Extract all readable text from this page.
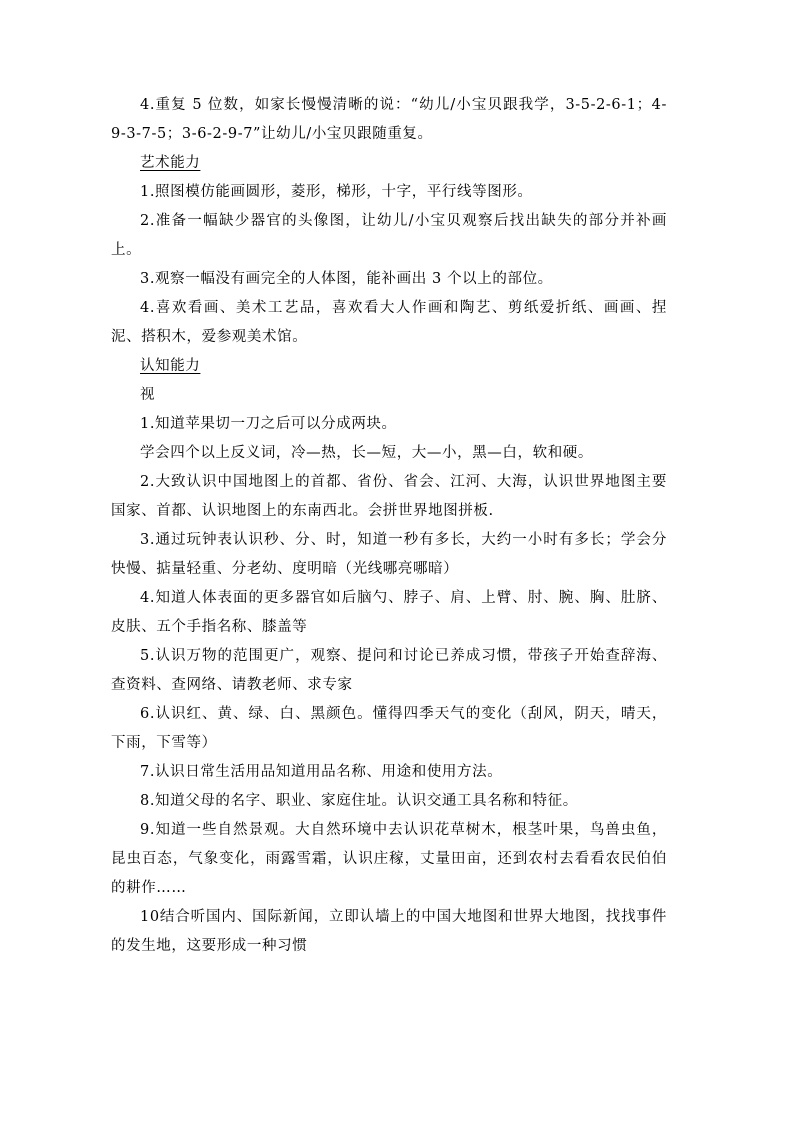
4.重复 5 位数，如家长慢慢清晰的说：“幼儿/小宝贝跟我学，3-5-2-6-1；4-9-3-7-5；3-6-2-9-7”让幼儿/小宝贝跟随重复。

艺术能力

1.照图模仿能画圆形，菱形，梯形，十字，平行线等图形。

2.准备一幅缺少器官的头像图，让幼儿/小宝贝观察后找出缺失的部分并补画上。

3.观察一幅没有画完全的人体图，能补画出 3 个以上的部位。

4.喜欢看画、美术工艺品，喜欢看大人作画和陶艺、剪纸爱折纸、画画、捏泥、搭积木，爱参观美术馆。

认知能力

视

1.知道苹果切一刀之后可以分成两块。

学会四个以上反义词，冷—热，长—短，大—小，黑—白，软和硬。

2.大致认识中国地图上的首都、省份、省会、江河、大海，认识世界地图主要国家、首都、认识地图上的东南西北。会拼世界地图拼板.

3.通过玩钟表认识秒、分、时，知道一秒有多长，大约一小时有多长；学会分快慢、掂量轻重、分老幼、度明暗（光线哪亮哪暗）

4.知道人体表面的更多器官如后脑勺、脖子、肩、上臂、肘、腕、胸、肚脐、皮肤、五个手指名称、膝盖等

5.认识万物的范围更广，观察、提问和讨论已养成习惯，带孩子开始查辞海、查资料、查网络、请教老师、求专家

6.认识红、黄、绿、白、黑颜色。懂得四季天气的变化（刮风，阴天，晴天，下雨，下雪等）

7.认识日常生活用品知道用品名称、用途和使用方法。

8.知道父母的名字、职业、家庭住址。认识交通工具名称和特征。

9.知道一些自然景观。大自然环境中去认识花草树木，根茎叶果，鸟兽虫鱼，昆虫百态，气象变化，雨露雪霜，认识庄稼，丈量田亩，还到农村去看看农民伯伯的耕作……

10结合听国内、国际新闻，立即认墙上的中国大地图和世界大地图，找找事件的发生地，这要形成一种习惯
